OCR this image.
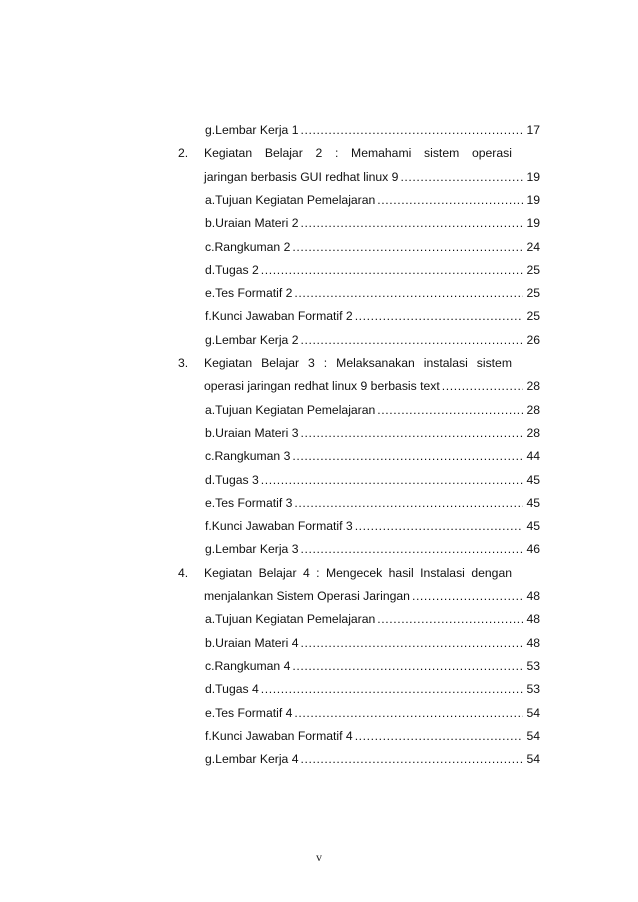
g. Lembar Kerja 1 .....	17
2.	Kegiatan Belajar 2 : Memahami sistem operasi
jaringan berbasis GUI redhat linux 9 .....	19
a. Tujuan Kegiatan Pemelajaran .....	19
b. Uraian Materi 2 .....	19
c. Rangkuman 2 .....	24
d. Tugas 2 .....	25
e. Tes Formatif 2 .....	25
f. Kunci Jawaban Formatif 2 .....	25
g. Lembar Kerja 2 .....	26
3.	Kegiatan Belajar 3 : Melaksanakan instalasi sistem
operasi jaringan redhat linux 9 berbasis text .....	28
a. Tujuan Kegiatan Pemelajaran .....	28
b. Uraian Materi 3 .....	28
c. Rangkuman 3 .....	44
d. Tugas 3 .....	45
e. Tes Formatif 3 .....	45
f. Kunci Jawaban Formatif 3 .....	45
g. Lembar Kerja 3 .....	46
4.	Kegiatan Belajar 4 : Mengecek hasil Instalasi dengan
menjalankan Sistem Operasi Jaringan .....	48
a. Tujuan Kegiatan Pemelajaran .....	48
b. Uraian Materi 4 .....	48
c. Rangkuman 4 .....	53
d. Tugas 4 .....	53
e. Tes Formatif 4 .....	54
f. Kunci Jawaban Formatif 4 .....	54
g. Lembar Kerja 4 .....	54
v
